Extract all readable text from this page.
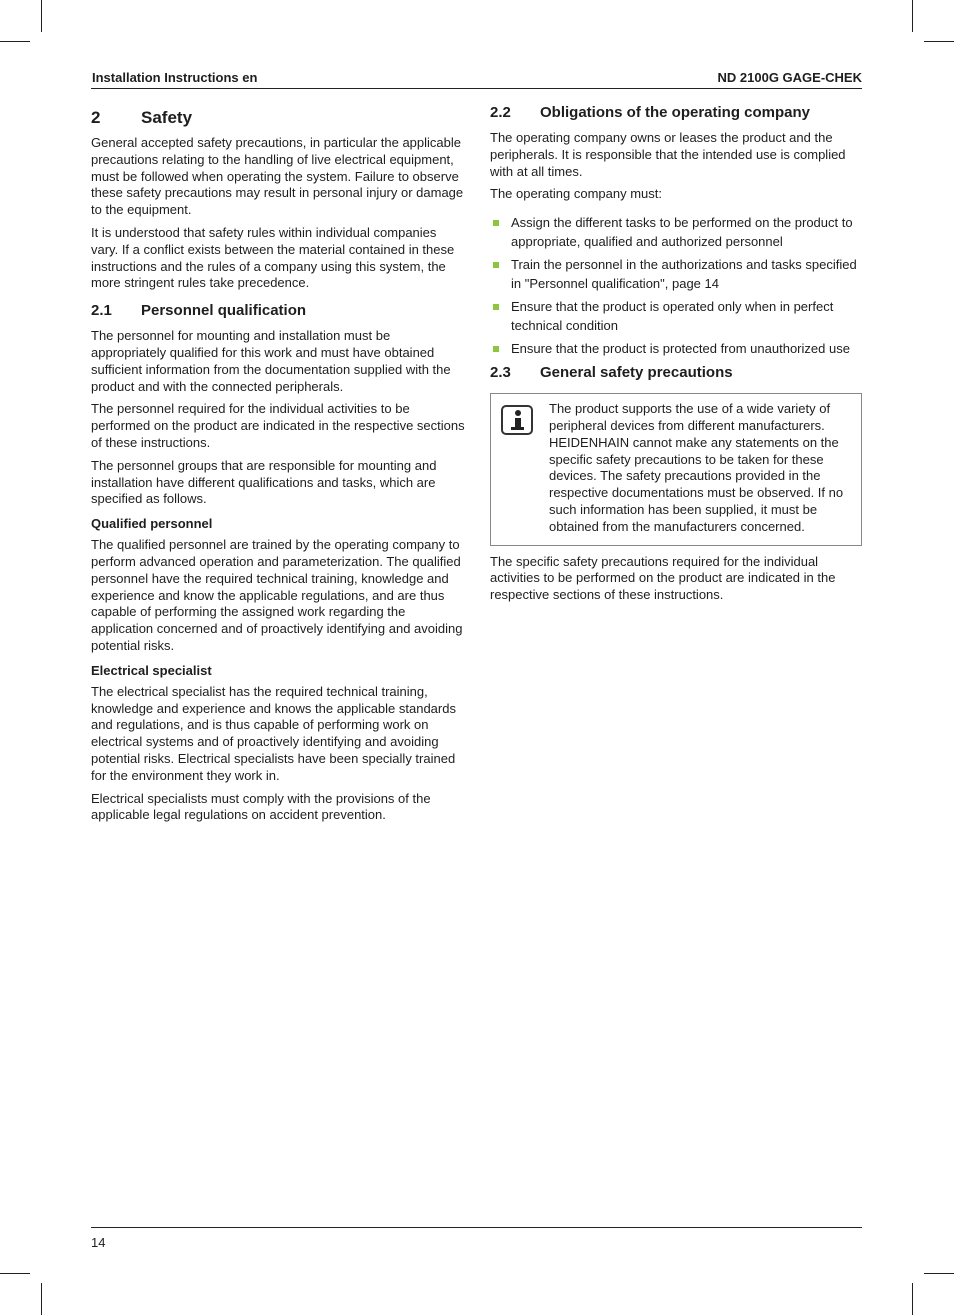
Installation Instructions en	ND 2100G GAGE-CHEK
2 Safety

General accepted safety precautions, in particular the applicable precautions relating to the handling of live electrical equipment, must be followed when operating the system. Failure to observe these safety precautions may result in personal injury or damage to the equipment.

It is understood that safety rules within individual companies vary. If a conflict exists between the material contained in these instructions and the rules of a company using this system, the more stringent rules take precedence.

2.1 Personnel qualification

The personnel for mounting and installation must be appropriately qualified for this work and must have obtained sufficient information from the documentation supplied with the product and with the connected peripherals.

The personnel required for the individual activities to be performed on the product are indicated in the respective sections of these instructions.

The personnel groups that are responsible for mounting and installation have different qualifications and tasks, which are specified as follows.

Qualified personnel

The qualified personnel are trained by the operating company to perform advanced operation and parameterization. The qualified personnel have the required technical training, knowledge and experience and know the applicable regulations, and are thus capable of performing the assigned work regarding the application concerned and of proactively identifying and avoiding potential risks.

Electrical specialist

The electrical specialist has the required technical training, knowledge and experience and knows the applicable standards and regulations, and is thus capable of performing work on electrical systems and of proactively identifying and avoiding potential risks. Electrical specialists have been specially trained for the environment they work in.

Electrical specialists must comply with the provisions of the applicable legal regulations on accident prevention.

2.2 Obligations of the operating company

The operating company owns or leases the product and the peripherals. It is responsible that the intended use is complied with at all times.

The operating company must:

Assign the different tasks to be performed on the product to appropriate, qualified and authorized personnel
Train the personnel in the authorizations and tasks specified in "Personnel qualification", page 14
Ensure that the product is operated only when in perfect technical condition
Ensure that the product is protected from unauthorized use
2.3 General safety precautions

The product supports the use of a wide variety of peripheral devices from different manufacturers. HEIDENHAIN cannot make any statements on the specific safety precautions to be taken for these devices. The safety precautions provided in the respective documentations must be observed. If no such information has been supplied, it must be obtained from the manufacturers concerned.

The specific safety precautions required for the individual activities to be performed on the product are indicated in the respective sections of these instructions.

14
